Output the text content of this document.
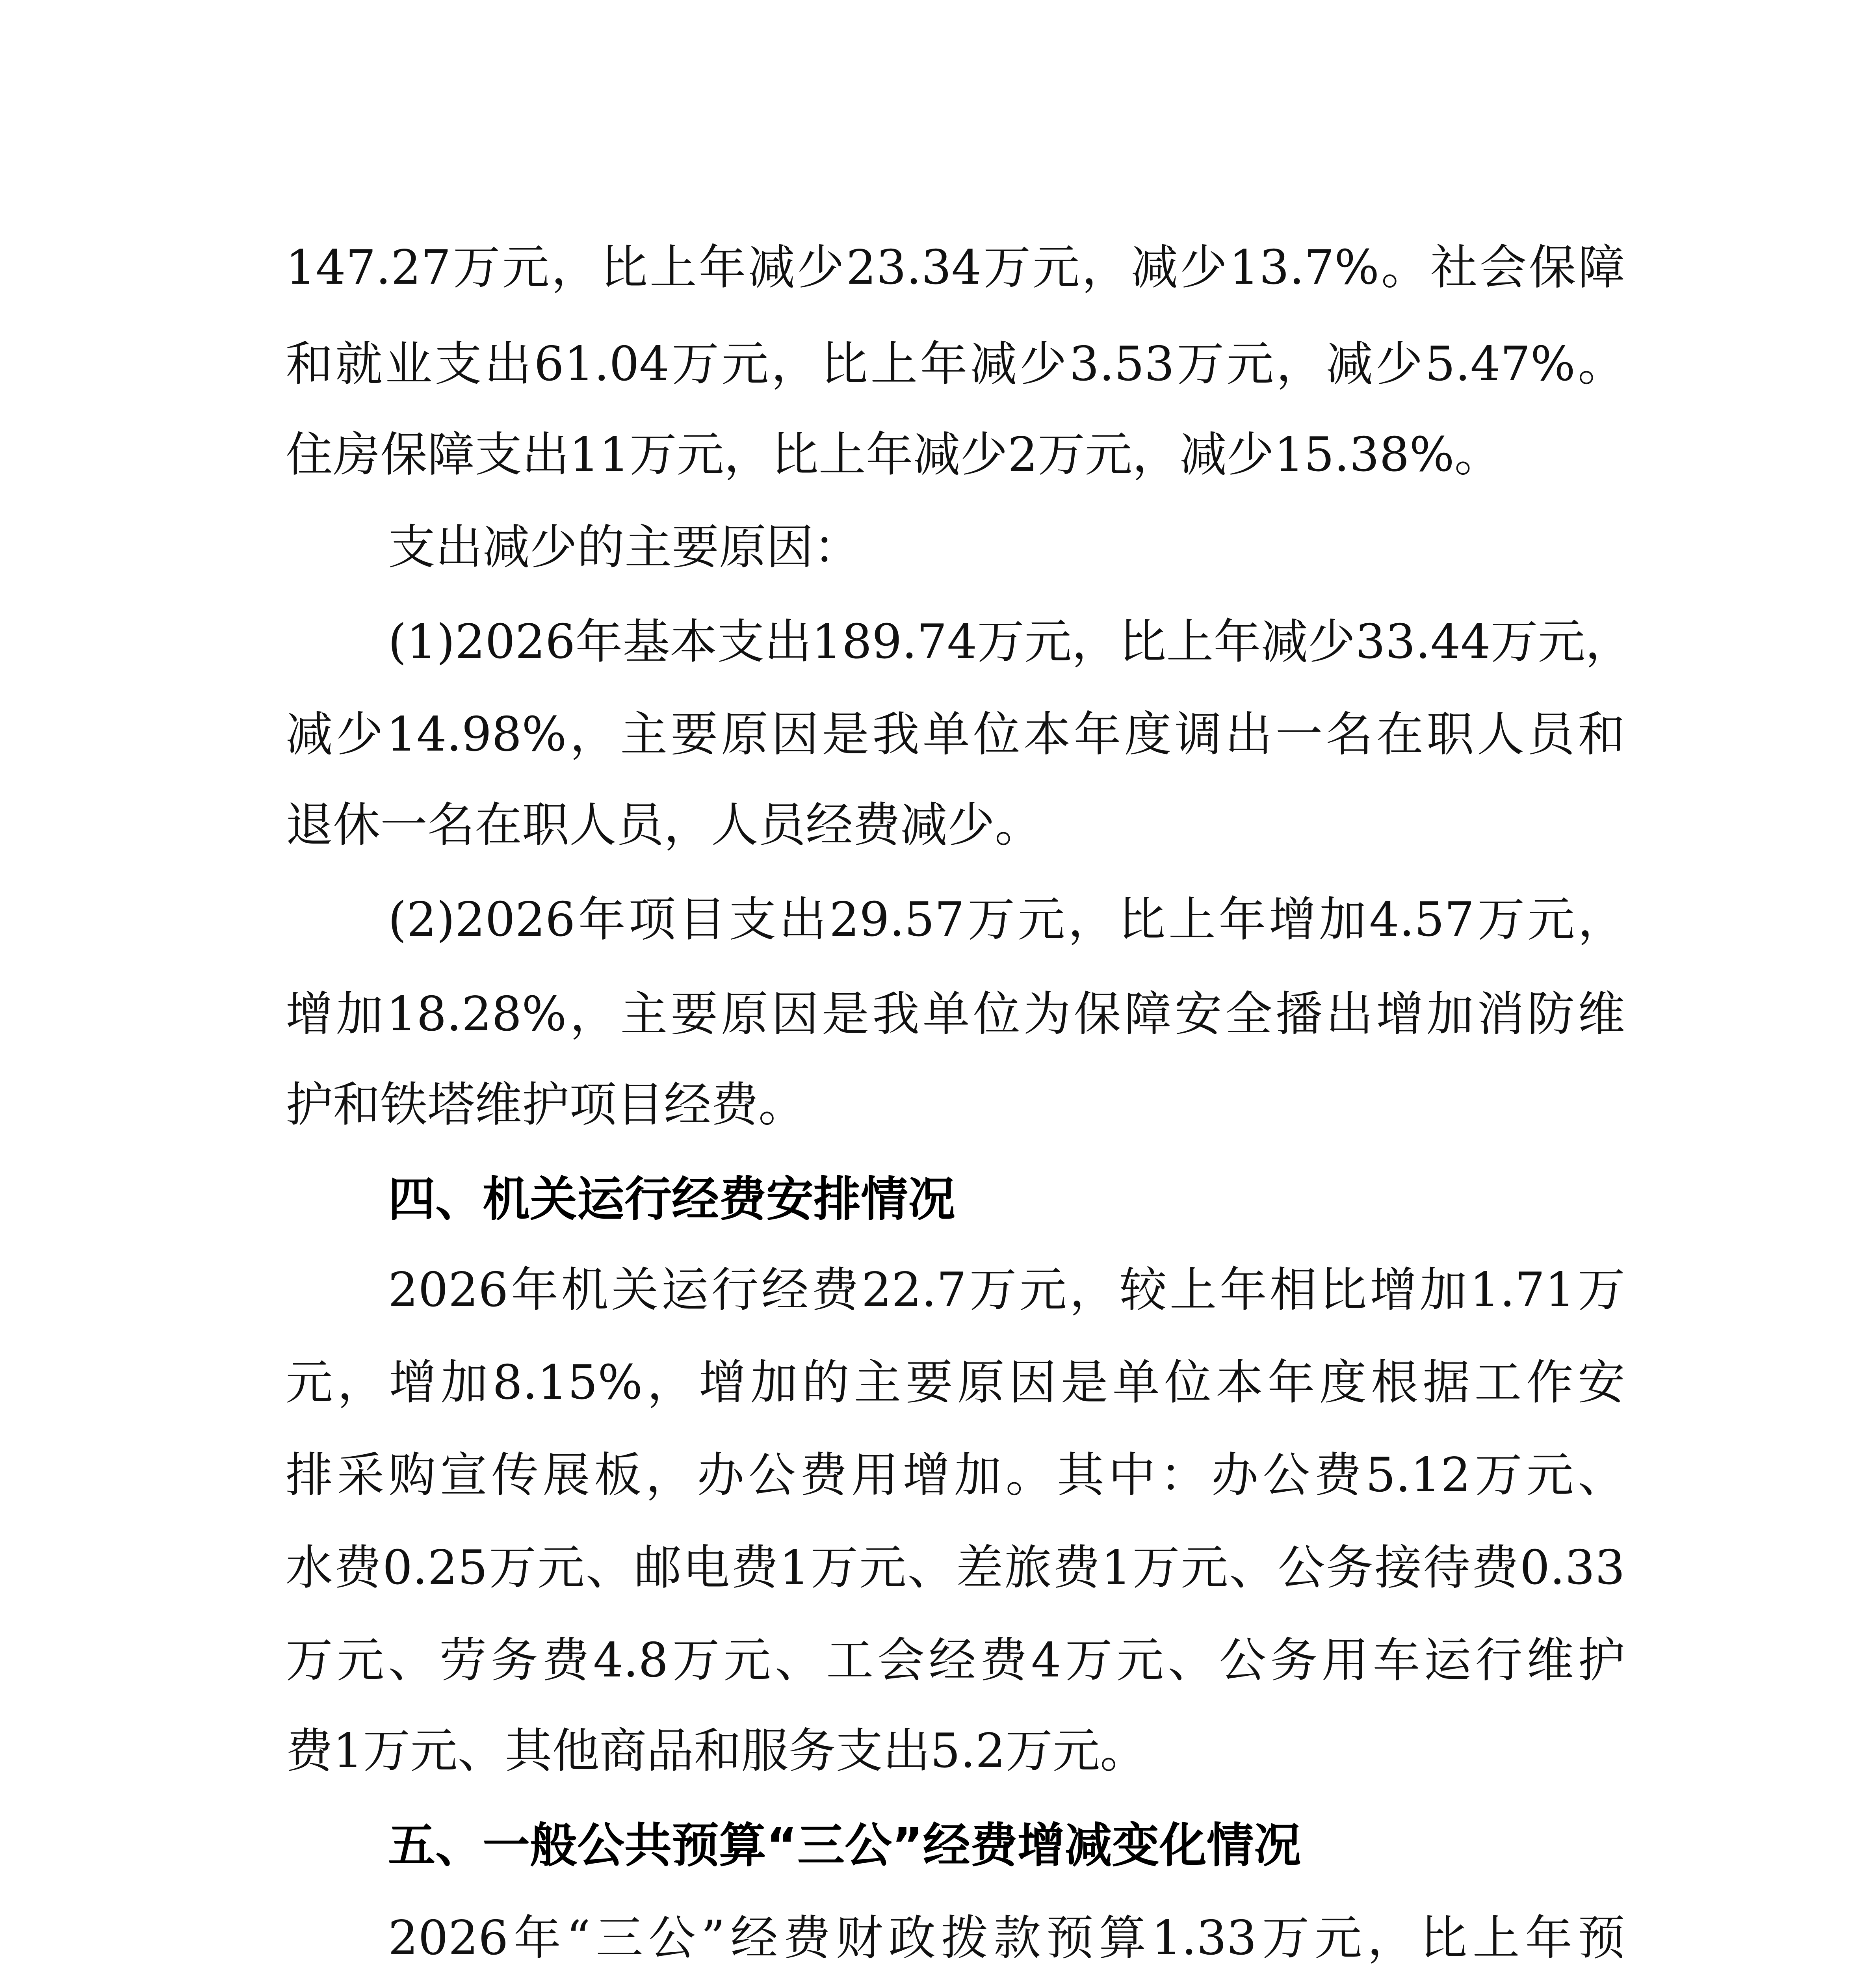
147.27万元，比上年减少23.34万元，减少13.7%。社会保障
和就业支出61.04万元，比上年减少3.53万元，减少5.47%。
住房保障支出11万元，比上年减少2万元，减少15.38%。
支出减少的主要原因：
(1)2026年基本支出189.74万元，比上年减少33.44万元，
减少14.98%，主要原因是我单位本年度调出一名在职人员和
退休一名在职人员，人员经费减少。
(2)2026年项目支出29.57万元，比上年增加4.57万元，
增加18.28%，主要原因是我单位为保障安全播出增加消防维
护和铁塔维护项目经费。
四、机关运行经费安排情况
2026年机关运行经费22.7万元，较上年相比增加1.71万
元，增加8.15%，增加的主要原因是单位本年度根据工作安
排采购宣传展板，办公费用增加。其中：办公费5.12万元、
水费0.25万元、邮电费1万元、差旅费1万元、公务接待费0.33
万元、劳务费4.8万元、工会经费4万元、公务用车运行维护
费1万元、其他商品和服务支出5.2万元。
五、一般公共预算“三公”经费增减变化情况
2026年“三公”经费财政拨款预算1.33万元，比上年预
